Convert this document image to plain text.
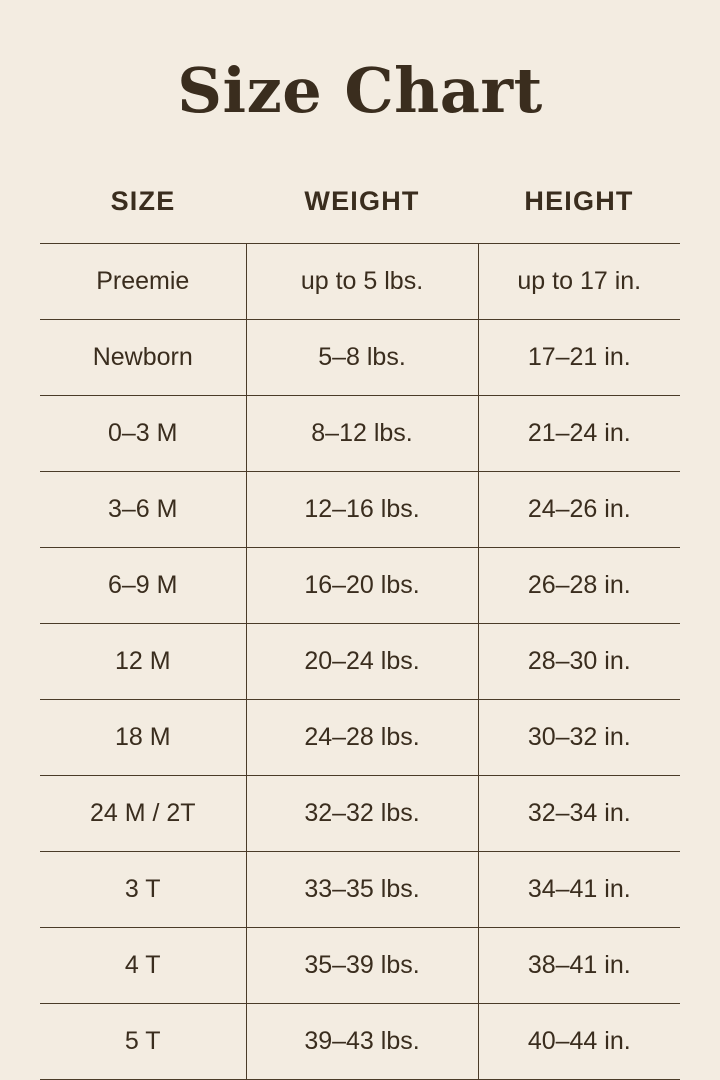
Size Chart
SIZE	WEIGHT	HEIGHT
Preemie	up to 5 lbs.	up to 17 in.
Newborn	5–8 lbs.	17–21 in.
0–3 M	8–12 lbs.	21–24 in.
3–6 M	12–16 lbs.	24–26 in.
6–9 M	16–20 lbs.	26–28 in.
12 M	20–24 lbs.	28–30 in.
18 M	24–28 lbs.	30–32 in.
24 M / 2T	32–32 lbs.	32–34 in.
3 T	33–35 lbs.	34–41 in.
4 T	35–39 lbs.	38–41 in.
5 T	39–43 lbs.	40–44 in.
